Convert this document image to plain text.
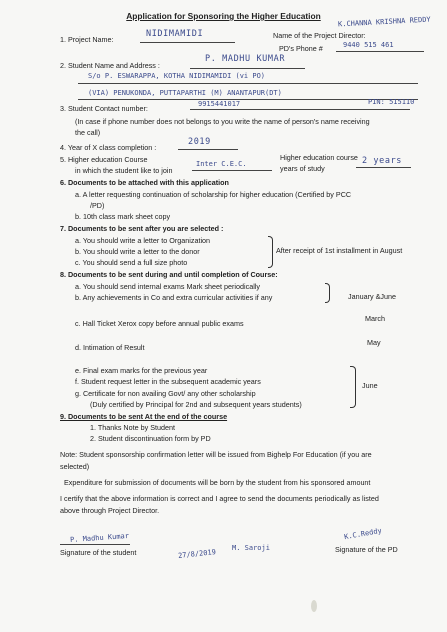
Application for Sponsoring the Higher Education
1. Project Name:
NIDIMAMIDI	Name of the Project Director:
K.CHANNA KRISHNA REDDY
PD's Phone #	9440 515 461
2. Student Name and Address :
P. MADHU KUMAR
S/o P. ESWARAPPA, KOTHA NIDIMAMIDI (vi PO)
(VIA) PENUKONDA, PUTTAPARTHI (M) ANANTAPUR(DT)
3. Student Contact number:	9915441017	PIN: 515110
(In case if phone number does not belongs to you write the name of person's name receiving
the call)
4. Year of X class completion :
2019
5. Higher education Course
in which the student like to join
Inter C.E.C.
Higher education course
years of study
2 years
6. Documents to be attached with this application
a. A letter requesting continuation of scholarship for higher education (Certified by PCC
/PD)
b. 10th class mark sheet copy
7. Documents to be sent after you are selected :
a. You should write a letter to Organization
b. You should write a letter to the donor
c. You should send a full size photo
After receipt of 1st installment in August
8. Documents to be sent during and until completion of Course:
a. You should send internal exams Mark sheet periodically
b. Any achievements in Co and extra curricular activities if any	January &June
c. Hall Ticket Xerox copy before annual public exams
March
d. Intimation of Result
May
e. Final exam marks for the previous year
f. Student request letter in the subsequent academic years
g. Certificate for non availing Govt/ any other scholarship
(Duly certified by Principal for 2nd and subsequent years students)
June
9. Documents to be sent At the end of the course
1. Thanks Note by Student
2. Student discontinuation form by PD
Note: Student sponsorship confirmation letter will be issued from Bighelp For Education (if you are
selected)
Expenditure for submission of documents will be born by the student from his sponsored amount
I certify that the above information is correct and I agree to send the documents periodically as listed
above through Project Director.
P. Madhu Kumar
Signature of the student	27/8/2019
M. Saroji
K.C.Reddy
Signature of the PD
